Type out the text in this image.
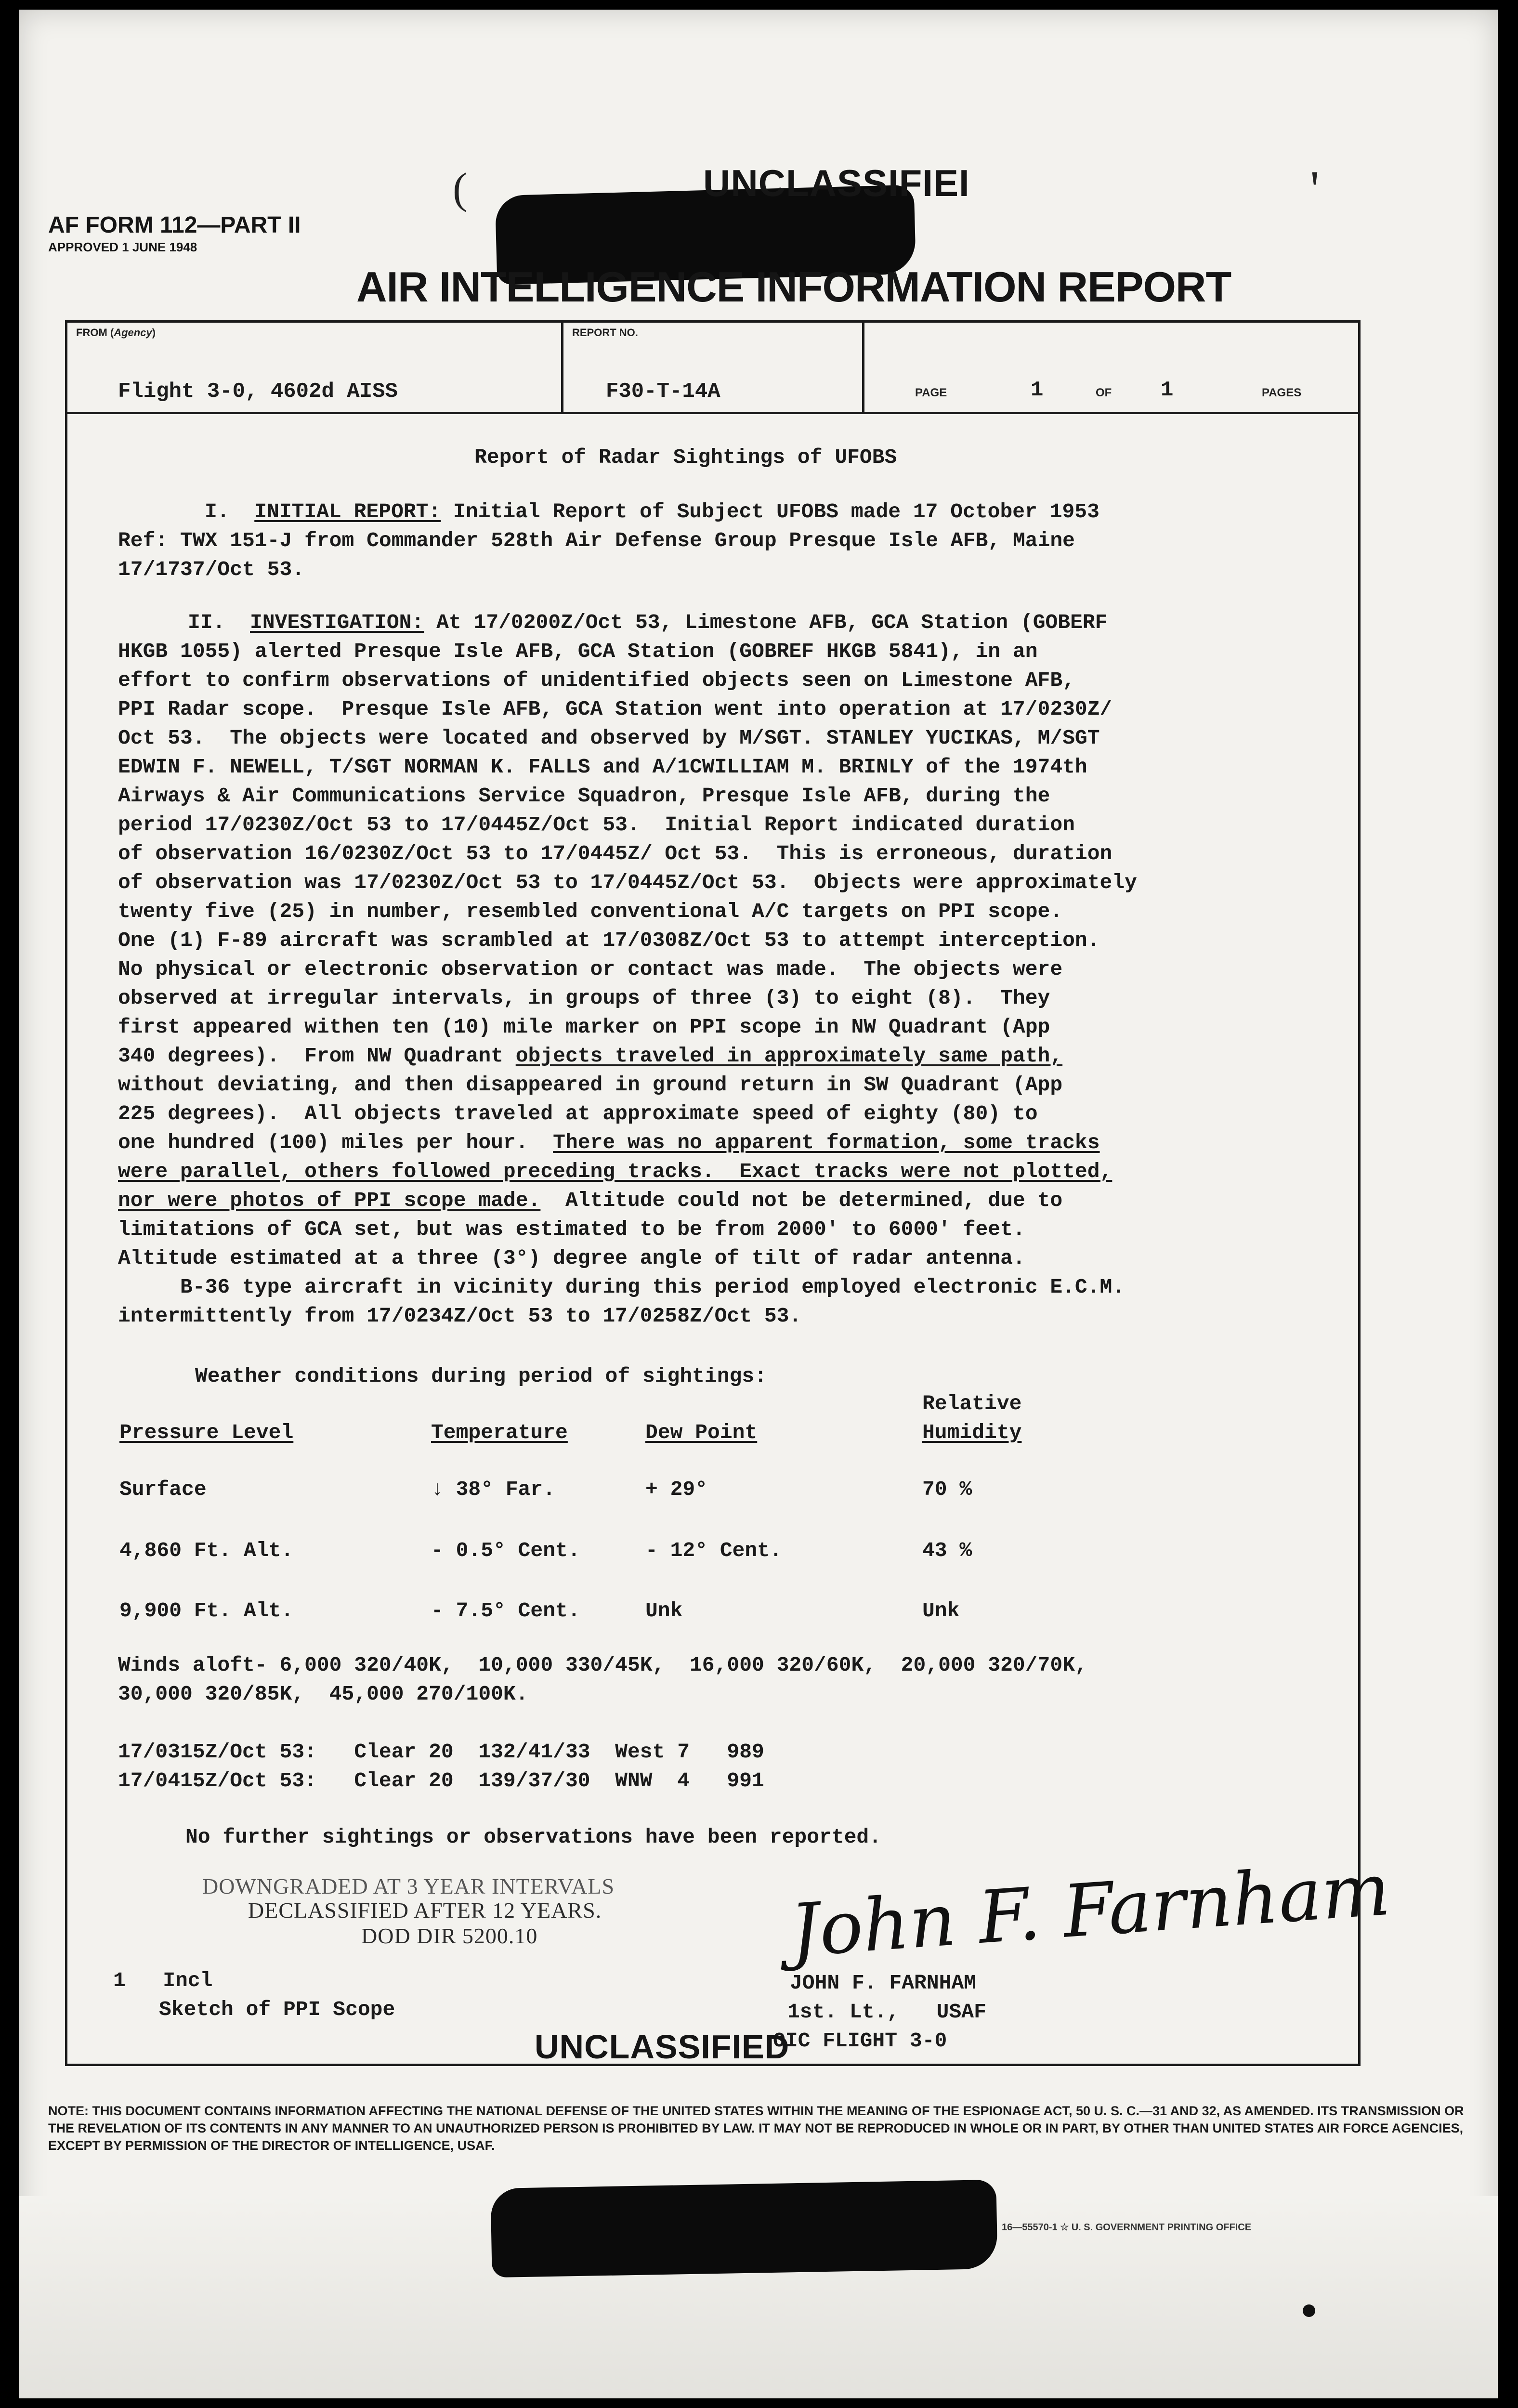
AF FORM 112—PART II
APPROVED 1 JUNE 1948
(	'
UNCLASSIFIEI
AIR INTELLIGENCE INFORMATION REPORT
FROM (Agency)
Flight 3-0, 4602d AISS
REPORT NO.
F30-T-14A	PAGE	1	OF 1	PAGES
Report of Radar Sightings of UFOBS
I. INITIAL REPORT: Initial Report of Subject UFOBS made 17 October 1953
Ref: TWX 151-J from Commander 528th Air Defense Group Presque Isle AFB, Maine
17/1737/Oct 53.
II. INVESTIGATION: At 17/0200Z/Oct 53, Limestone AFB, GCA Station (GOBERF
HKGB 1055) alerted Presque Isle AFB, GCA Station (GOBREF HKGB 5841), in an
effort to confirm observations of unidentified objects seen on Limestone AFB,
PPI Radar scope.  Presque Isle AFB, GCA Station went into operation at 17/0230Z/
Oct 53.  The objects were located and observed by M/SGT. STANLEY YUCIKAS, M/SGT
EDWIN F. NEWELL, T/SGT NORMAN K. FALLS and A/1CWILLIAM M. BRINLY of the 1974th
Airways & Air Communications Service Squadron, Presque Isle AFB, during the
period 17/0230Z/Oct 53 to 17/0445Z/Oct 53.  Initial Report indicated duration
of observation 16/0230Z/Oct 53 to 17/0445Z/ Oct 53.  This is erroneous, duration
of observation was 17/0230Z/Oct 53 to 17/0445Z/Oct 53.  Objects were approximately
twenty five (25) in number, resembled conventional A/C targets on PPI scope.
One (1) F-89 aircraft was scrambled at 17/0308Z/Oct 53 to attempt interception.
No physical or electronic observation or contact was made.  The objects were
observed at irregular intervals, in groups of three (3) to eight (8).  They
first appeared withen ten (10) mile marker on PPI scope in NW Quadrant (App
340 degrees).  From NW Quadrant objects traveled in approximately same path,
without deviating, and then disappeared in ground return in SW Quadrant (App
225 degrees).  All objects traveled at approximate speed of eighty (80) to
one hundred (100) miles per hour.  There was no apparent formation, some tracks
were parallel, others followed preceding tracks.  Exact tracks were not plotted,
nor were photos of PPI scope made.  Altitude could not be determined, due to
limitations of GCA set, but was estimated to be from 2000' to 6000' feet.
Altitude estimated at a three (3°) degree angle of tilt of radar antenna.
B-36 type aircraft in vicinity during this period employed electronic E.C.M.
intermittently from 17/0234Z/Oct 53 to 17/0258Z/Oct 53.
Weather conditions during period of sightings:
Relative
Pressure Level	Temperature	Dew Point	Humidity
Surface	↓ 38° Far.	+ 29°	70 %
4,860 Ft. Alt.	- 0.5° Cent.	- 12° Cent.	43 %
9,900 Ft. Alt.	- 7.5° Cent.	Unk	Unk
Winds aloft- 6,000 320/40K,  10,000 330/45K,  16,000 320/60K,  20,000 320/70K,
30,000 320/85K,  45,000 270/100K.
17/0315Z/Oct 53:   Clear 20  132/41/33  West 7   989
17/0415Z/Oct 53:   Clear 20  139/37/30  WNW  4   991
No further sightings or observations have been reported.
DOWNGRADED AT 3 YEAR INTERVALS
DECLASSIFIED AFTER 12 YEARS.
DOD DIR 5200.10
1   Incl
Sketch of PPI Scope
John F. Farnham
JOHN F. FARNHAM
1st. Lt.,   USAF
OIC FLIGHT 3-0
UNCLASSIFIED
NOTE: THIS DOCUMENT CONTAINS INFORMATION AFFECTING THE NATIONAL DEFENSE OF THE UNITED STATES WITHIN THE MEANING OF THE ESPIONAGE ACT, 50 U. S. C.—31 AND 32, AS AMENDED. ITS TRANSMISSION OR THE REVELATION OF ITS CONTENTS IN ANY MANNER TO AN UNAUTHORIZED PERSON IS PROHIBITED BY LAW. IT MAY NOT BE REPRODUCED IN WHOLE OR IN PART, BY OTHER THAN UNITED STATES AIR FORCE AGENCIES, EXCEPT BY PERMISSION OF THE DIRECTOR OF INTELLIGENCE, USAF.
16—55570-1 ☆ U. S. GOVERNMENT PRINTING OFFICE
